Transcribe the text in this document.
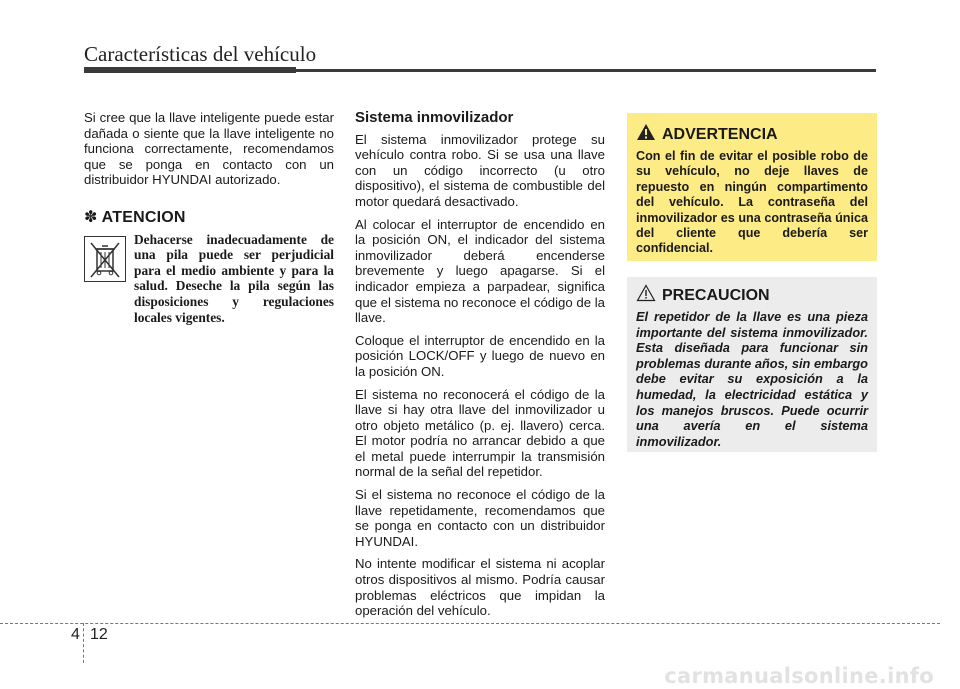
Características del vehículo

Si cree que la llave inteligente puede estar dañada o siente que la llave inteligente no funciona correctamente, recomendamos que se ponga en contacto con un distribuidor HYUNDAI autorizado.

✽ ATENCION
Dehacerse inadecuadamente de una pila puede ser perjudicial para el medio ambiente y para la salud. Deseche la pila según las disposiciones y regulaciones locales vigentes.
Sistema inmovilizador

El sistema inmovilizador protege su vehículo contra robo. Si se usa una llave con un código incorrecto (u otro dispositivo), el sistema de combustible del motor quedará desactivado.

Al colocar el interruptor de encendido en la posición ON, el indicador del sistema inmovilizador deberá encenderse brevemente y luego apagarse. Si el indicador empieza a parpadear, significa que el sistema no reconoce el código de la llave.

Coloque el interruptor de encendido en la posición LOCK/OFF y luego de nuevo en la posición ON.

El sistema no reconocerá el código de la llave si hay otra llave del inmovilizador u otro objeto metálico (p. ej. llavero) cerca. El motor podría no arrancar debido a que el metal puede interrumpir la transmisión normal de la señal del repetidor.

Si el sistema no reconoce el código de la llave repetidamente, recomendamos que se ponga en contacto con un distribuidor HYUNDAI.

No intente modificar el sistema ni acoplar otros dispositivos al mismo. Podría causar problemas eléctricos que impidan la operación del vehículo.

ADVERTENCIA
Con el fin de evitar el posible robo de su vehículo, no deje llaves de repuesto en ningún compartimento del vehículo. La contraseña del inmovilizador es una contraseña única del cliente que debería ser confidencial.
PRECAUCION
El repetidor de la llave es una pieza importante del sistema inmovilizador. Esta diseñada para funcionar sin problemas durante años, sin embargo debe evitar su exposición a la humedad, la electricidad estática y los manejos bruscos. Puede ocurrir una avería en el sistema inmovilizador.
4 12
carmanualsonline.info
